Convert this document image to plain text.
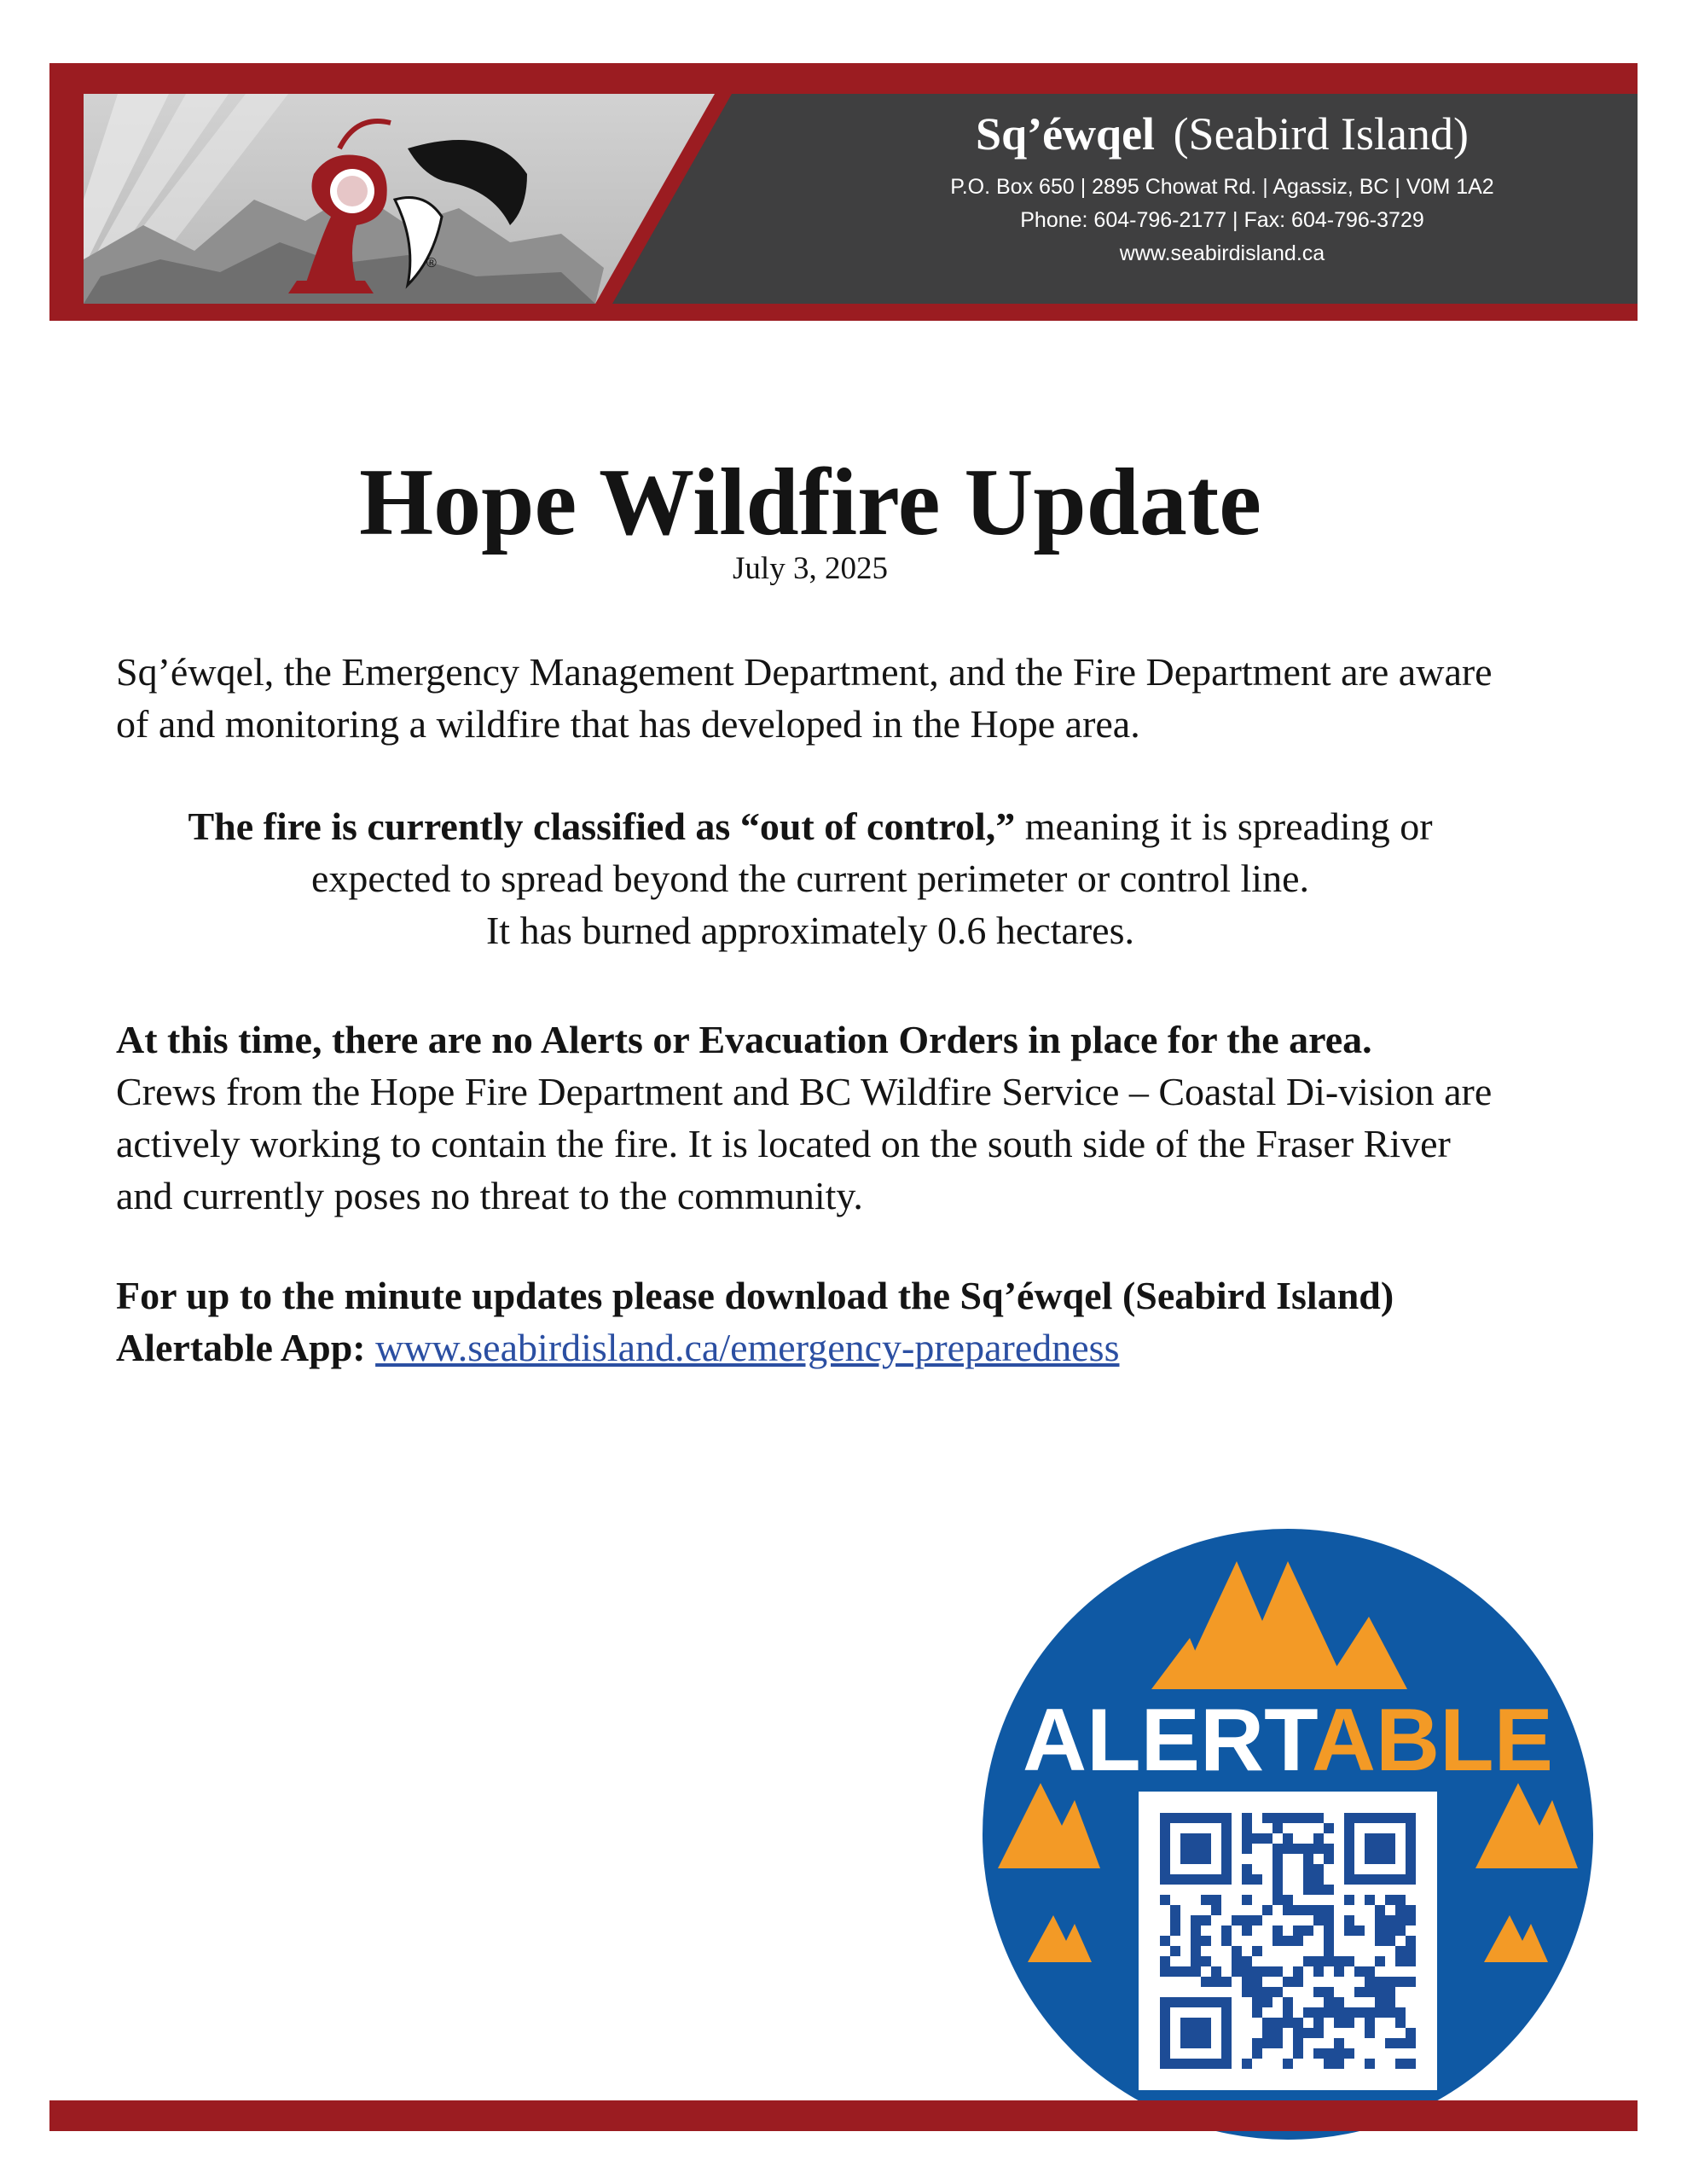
®
Sq’éwqel (Seabird Island)
P.O. Box 650 | 2895 Chowat Rd. | Agassiz, BC | V0M 1A2
Phone: 604-796-2177 | Fax: 604-796-3729
www.seabirdisland.ca
Hope Wildfire Update
July 3, 2025

Sq’éwqel, the Emergency Management Department, and the Fire Department are aware of and monitoring a wildfire that has developed in the Hope area.

The fire is currently classified as “out of control,” meaning it is spreading or
expected to spread beyond the current perimeter or control line.
It has burned approximately 0.6 hectares.

At this time, there are no Alerts or Evacuation Orders in place for the area.
Crews from the Hope Fire Department and BC Wildfire Service – Coastal Di-vision are actively working to contain the fire. It is located on the south side of the Fraser River and currently poses no threat to the community.

For up to the minute updates please download the Sq’éwqel (Seabird Island)
Alertable App: www.seabirdisland.ca/emergency-preparedness

ALERTABLE
